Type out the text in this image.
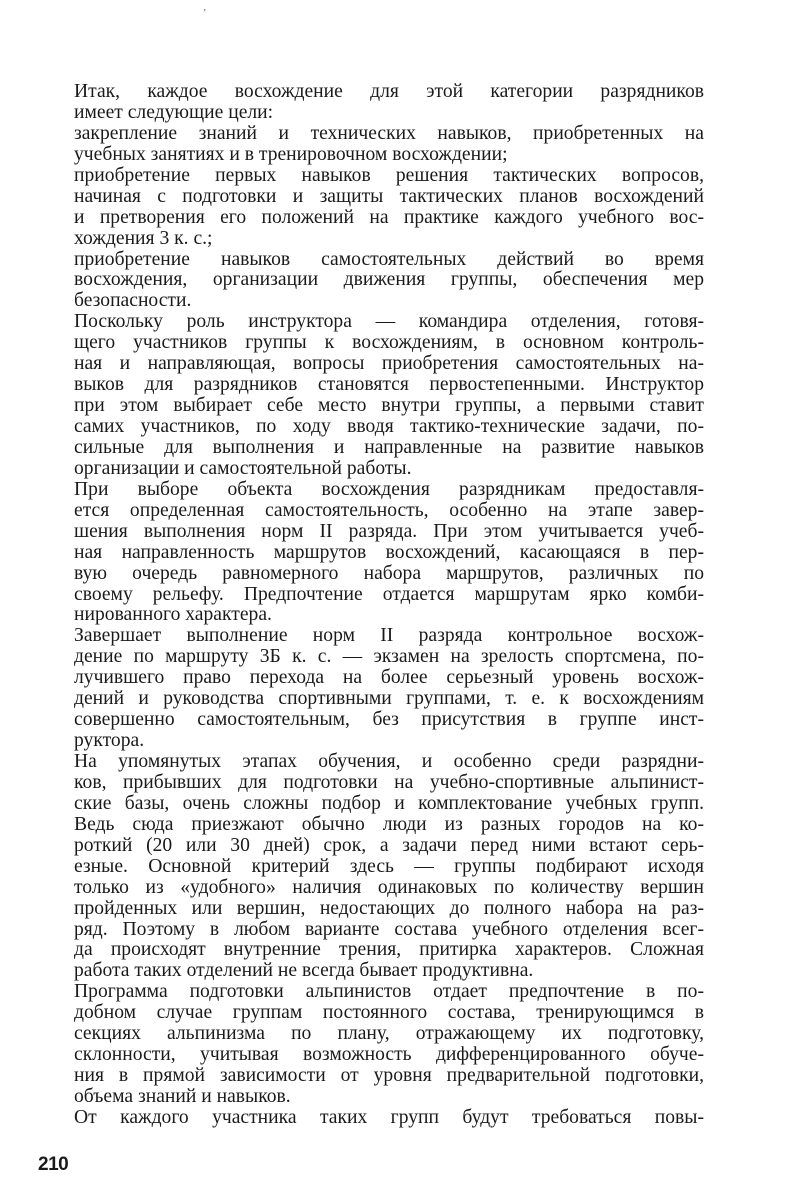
ʼ
Итак, каждое восхождение для этой категории разрядников
имеет следующие цели:
закрепление знаний и технических навыков, приобретенных на
учебных занятиях и в тренировочном восхождении;
приобретение первых навыков решения тактических вопросов,
начиная с подготовки и защиты тактических планов восхождений
и претворения его положений на практике каждого учебного вос-
хождения 3 к. с.;
приобретение навыков самостоятельных действий во время
восхождения, организации движения группы, обеспечения мер
безопасности.
Поскольку роль инструктора — командира отделения, готовя-
щего участников группы к восхождениям, в основном контроль-
ная и направляющая, вопросы приобретения самостоятельных на-
выков для разрядников становятся первостепенными. Инструктор
при этом выбирает себе место внутри группы, а первыми ставит
самих участников, по ходу вводя тактико-технические задачи, по-
сильные для выполнения и направленные на развитие навыков
организации и самостоятельной работы.
При выборе объекта восхождения разрядникам предоставля-
ется определенная самостоятельность, особенно на этапе завер-
шения выполнения норм II разряда. При этом учитывается учеб-
ная направленность маршрутов восхождений, касающаяся в пер-
вую очередь равномерного набора маршрутов, различных по
своему рельефу. Предпочтение отдается маршрутам ярко комби-
нированного характера.
Завершает выполнение норм II разряда контрольное восхож-
дение по маршруту 3Б к. с. — экзамен на зрелость спортсмена, по-
лучившего право перехода на более серьезный уровень восхож-
дений и руководства спортивными группами, т. е. к восхождениям
совершенно самостоятельным, без присутствия в группе инст-
руктора.
На упомянутых этапах обучения, и особенно среди разрядни-
ков, прибывших для подготовки на учебно-спортивные альпинист-
ские базы, очень сложны подбор и комплектование учебных групп.
Ведь сюда приезжают обычно люди из разных городов на ко-
роткий (20 или 30 дней) срок, а задачи перед ними встают серь-
езные. Основной критерий здесь — группы подбирают исходя
только из «удобного» наличия одинаковых по количеству вершин
пройденных или вершин, недостающих до полного набора на раз-
ряд. Поэтому в любом варианте состава учебного отделения всег-
да происходят внутренние трения, притирка характеров. Сложная
работа таких отделений не всегда бывает продуктивна.
Программа подготовки альпинистов отдает предпочтение в по-
добном случае группам постоянного состава, тренирующимся в
секциях альпинизма по плану, отражающему их подготовку,
склонности, учитывая возможность дифференцированного обуче-
ния в прямой зависимости от уровня предварительной подготовки,
объема знаний и навыков.
От каждого участника таких групп будут требоваться повы-
210
